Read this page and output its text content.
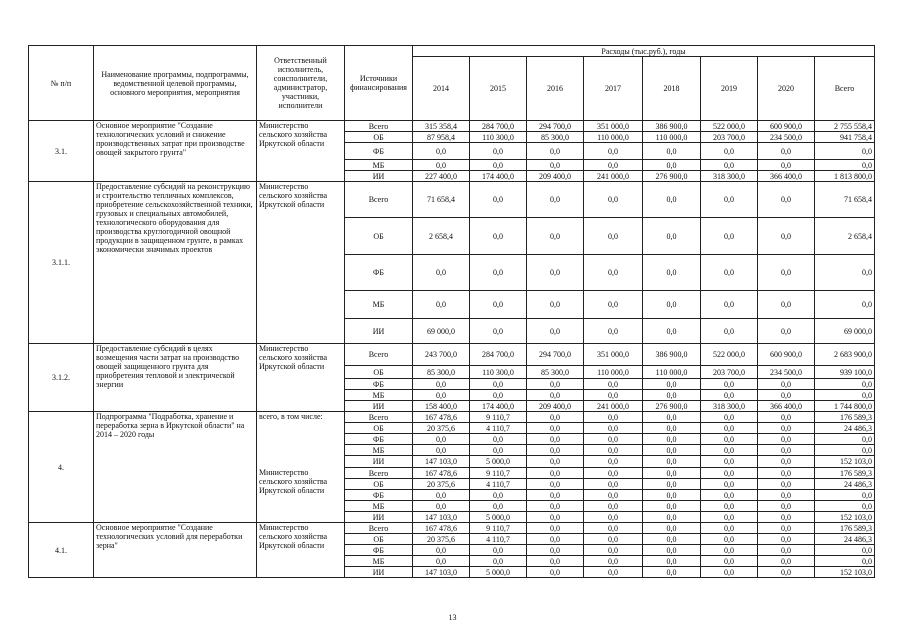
№ п/п	Наименование программы, подпрограммы, ведомственной целевой программы, основного мероприятия, мероприятия	Ответственный исполнитель, соисполнители, администратор, участники, исполнители	Источники финансирования	Расходы (тыс.руб.), годы							
				2014	2015	2016	2017	2018	2019	2020	Всего
3.1.	Основное мероприятие "Создание технологических условий и снижение производственных затрат при производстве овощей закрытого грунта"	Министерство сельского хозяйства Иркутской области	Всего	315 358,4	284 700,0	294 700,0	351 000,0	386 900,0	522 000,0	600 900,0	2 755 558,4
			ОБ	87 958,4	110 300,0	85 300,0	110 000,0	110 000,0	203 700,0	234 500,0	941 758,4
			ФБ	0,0	0,0	0,0	0,0	0,0	0,0	0,0	0,0
			МБ	0,0	0,0	0,0	0,0	0,0	0,0	0,0	0,0
			ИИ	227 400,0	174 400,0	209 400,0	241 000,0	276 900,0	318 300,0	366 400,0	1 813 800,0
3.1.1.	Предоставление субсидий на реконструкцию и строительство тепличных комплексов, приобретение сельскохозяйственной техники, грузовых и специальных автомобилей, технологического оборудования для производства круглогодичной овощной продукции в защищенном грунте, в рамках экономически значимых проектов	Министерство сельского хозяйства Иркутской области	Всего	71 658,4	0,0	0,0	0,0	0,0	0,0	0,0	71 658,4
			ОБ	2 658,4	0,0	0,0	0,0	0,0	0,0	0,0	2 658,4
			ФБ	0,0	0,0	0,0	0,0	0,0	0,0	0,0	0,0
			МБ	0,0	0,0	0,0	0,0	0,0	0,0	0,0	0,0
			ИИ	69 000,0	0,0	0,0	0,0	0,0	0,0	0,0	69 000,0
3.1.2.	Предоставление субсидий в целях возмещения части затрат на производство овощей защищенного грунта для приобретения тепловой и электрической энергии	Министерство сельского хозяйства Иркутской области	Всего	243 700,0	284 700,0	294 700,0	351 000,0	386 900,0	522 000,0	600 900,0	2 683 900,0
			ОБ	85 300,0	110 300,0	85 300,0	110 000,0	110 000,0	203 700,0	234 500,0	939 100,0
			ФБ	0,0	0,0	0,0	0,0	0,0	0,0	0,0	0,0
			МБ	0,0	0,0	0,0	0,0	0,0	0,0	0,0	0,0
			ИИ	158 400,0	174 400,0	209 400,0	241 000,0	276 900,0	318 300,0	366 400,0	1 744 800,0
4.	Подпрограмма "Подработка, хранение и переработка зерна в Иркутской области" на 2014 – 2020 годы	всего, в том числе:	Всего	167 478,6	9 110,7	0,0	0,0	0,0	0,0	0,0	176 589,3
			ОБ	20 375,6	4 110,7	0,0	0,0	0,0	0,0	0,0	24 486,3
			ФБ	0,0	0,0	0,0	0,0	0,0	0,0	0,0	0,0
			МБ	0,0	0,0	0,0	0,0	0,0	0,0	0,0	0,0
			ИИ	147 103,0	5 000,0	0,0	0,0	0,0	0,0	0,0	152 103,0
		Министерство сельского хозяйства Иркутской области	Всего	167 478,6	9 110,7	0,0	0,0	0,0	0,0	0,0	176 589,3
			ОБ	20 375,6	4 110,7	0,0	0,0	0,0	0,0	0,0	24 486,3
			ФБ	0,0	0,0	0,0	0,0	0,0	0,0	0,0	0,0
			МБ	0,0	0,0	0,0	0,0	0,0	0,0	0,0	0,0
			ИИ	147 103,0	5 000,0	0,0	0,0	0,0	0,0	0,0	152 103,0
4.1.	Основное мероприятие "Создание технологических условий для переработки зерна"	Министерство сельского хозяйства Иркутской области	Всего	167 478,6	9 110,7	0,0	0,0	0,0	0,0	0,0	176 589,3
			ОБ	20 375,6	4 110,7	0,0	0,0	0,0	0,0	0,0	24 486,3
			ФБ	0,0	0,0	0,0	0,0	0,0	0,0	0,0	0,0
			МБ	0,0	0,0	0,0	0,0	0,0	0,0	0,0	0,0
			ИИ	147 103,0	5 000,0	0,0	0,0	0,0	0,0	0,0	152 103,0
13
